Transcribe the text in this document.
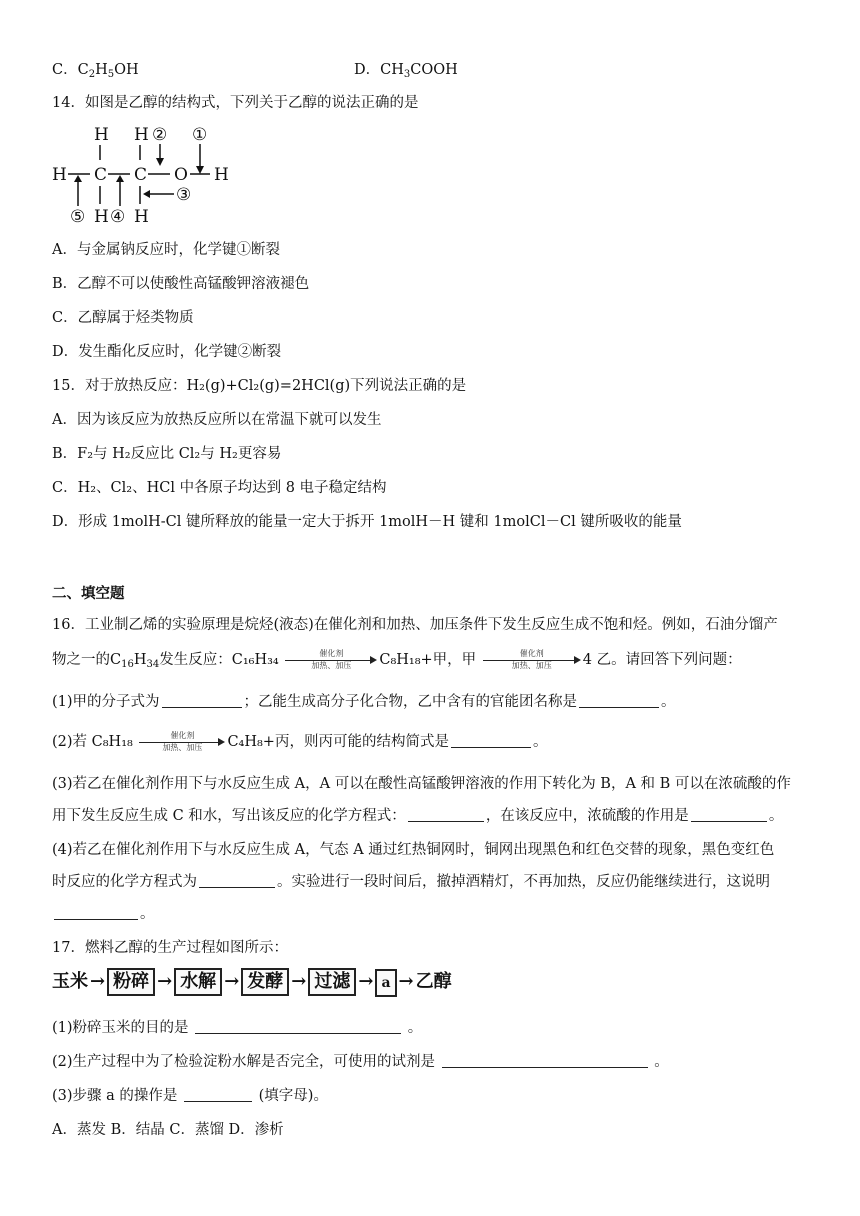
C．$C_2H_5OH$	D．$CH_3COOH$
14．如图是乙醇的结构式，下列关于乙醇的说法正确的是
H H ② ①
H C C O H
③
⑤ H ④ H
A．与金属钠反应时，化学键①断裂
B．乙醇不可以使酸性高锰酸钾溶液褪色
C．乙醇属于烃类物质
D．发生酯化反应时，化学键②断裂
15．对于放热反应：H₂(g)+Cl₂(g)=2HCl(g)下列说法正确的是
A．因为该反应为放热反应所以在常温下就可以发生
B．F₂与 H₂反应比 Cl₂与 H₂更容易
C．H₂、Cl₂、HCl 中各原子均达到 8 电子稳定结构
D．形成 1molH-Cl 键所释放的能量一定大于拆开 1molH－H 键和 1molCl－Cl 键所吸收的能量
二、填空题
16．工业制乙烯的实验原理是烷烃(液态)在催化剂和加热、加压条件下发生反应生成不饱和烃。例如，石油分馏产
物之一的$C_{16}H_{34}$发生反应：C₁₆H₃₄	催化剂
加热、加压	C₈H₁₈+甲，甲	催化剂
加热、加压	4 乙。请回答下列问题：
(1)甲的分子式为	；乙能生成高分子化合物，乙中含有的官能团名称是	。
(2)若 C₈H₁₈	催化剂
加热、加压	C₄H₈+丙，则丙可能的结构简式是	。
(3)若乙在催化剂作用下与水反应生成 A，A 可以在酸性高锰酸钾溶液的作用下转化为 B，A 和 B 可以在浓硫酸的作
用下发生反应生成 C 和水，写出该反应的化学方程式：	，在该反应中，浓硫酸的作用是	。
(4)若乙在催化剂作用下与水反应生成 A，气态 A 通过红热铜网时，铜网出现黑色和红色交替的现象，黑色变红色
时反应的化学方程式为	。实验进行一段时间后，撤掉酒精灯，不再加热，反应仍能继续进行，这说明
。
17．燃料乙醇的生产过程如图所示：
玉米 → 粉碎 → 水解 → 发酵 → 过滤 → a → 乙醇
(1)粉碎玉米的目的是	。
(2)生产过程中为了检验淀粉水解是否完全，可使用的试剂是	。
(3)步骤 a 的操作是	(填字母)。
A．蒸发 B．结晶 C．蒸馏 D．渗析
